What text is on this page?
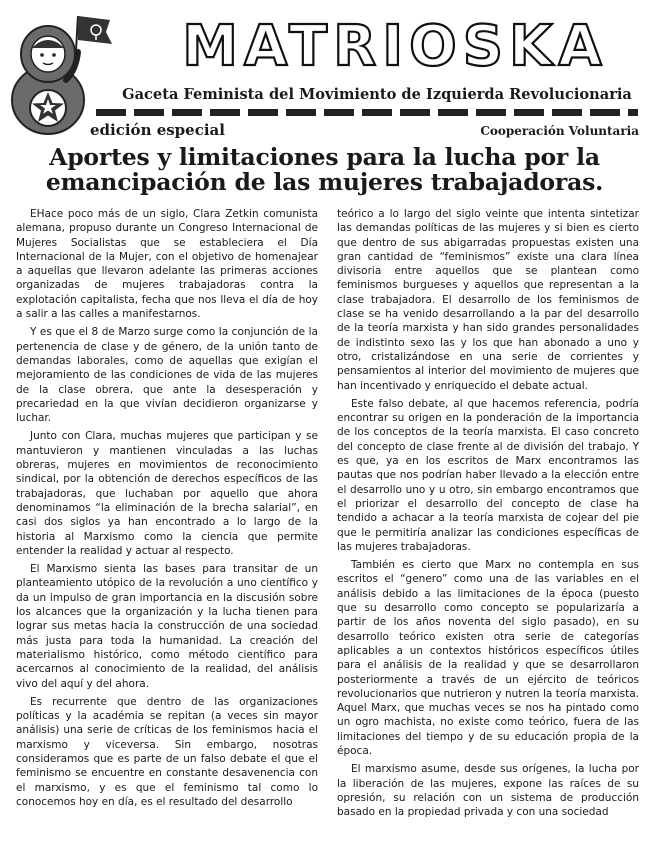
MATRIOSKA
Gaceta Feminista del Movimiento de Izquierda Revolucionaria
edición especial	Cooperación Voluntaria
Aportes y limitaciones para la lucha por la
emancipación de las mujeres trabajadoras.

EHace poco más de un siglo, Clara Zetkin comunista alemana, propuso durante un Congreso Internacional de Mujeres Socialistas que se estableciera el Día Internacional de la Mujer, con el objetivo de homenajear a aquellas que llevaron adelante las primeras acciones organizadas de mujeres trabajadoras contra la explotación capitalista, fecha que nos lleva el día de hoy a salir a las calles a manifestarnos.

Y es que el 8 de Marzo surge como la conjunción de la pertenencia de clase y de género, de la unión tanto de demandas laborales, como de aquellas que exigían el mejoramiento de las condiciones de vida de las mujeres de la clase obrera, que ante la desesperación y precariedad en la que vivían decidieron organizarse y luchar.

Junto con Clara, muchas mujeres que participan y se mantuvieron y mantienen vinculadas a las luchas obreras, mujeres en movimientos de reconocimiento sindical, por la obtención de derechos específicos de las trabajadoras, que luchaban por aquello que ahora denominamos “la eliminación de la brecha salarial”, en casi dos siglos ya han encontrado a lo largo de la historia al Marxismo como la ciencia que permite entender la realidad y actuar al respecto.

El Marxismo sienta las bases para transitar de un planteamiento utópico de la revolución a uno científico y da un impulso de gran importancia en la discusión sobre los alcances que la organización y la lucha tienen para lograr sus metas hacia la construcción de una sociedad más justa para toda la humanidad. La creación del materialismo histórico, como método científico para acercarnos al conocimiento de la realidad, del análisis vivo del aquí y del ahora.

Es recurrente que dentro de las organizaciones políticas y la académia se repitan (a veces sin mayor análisis) una serie de críticas de los feminismos hacia el marxismo y viceversa. Sin embargo, nosotras consideramos que es parte de un falso debate el que el feminismo se encuentre en constante desavenencia con el marxismo, y es que el feminismo tal como lo conocemos hoy en día, es el resultado del desarrollo

teórico a lo largo del siglo veinte que intenta sintetizar las demandas políticas de las mujeres y si bien es cierto que dentro de sus abigarradas propuestas existen una gran cantidad de “feminismos” existe una clara línea divisoria entre aquellos que se plantean como feminismos burgueses y aquellos que representan a la clase trabajadora. El desarrollo de los feminismos de clase se ha venido desarrollando a la par del desarrollo de la teoría marxista y han sido grandes personalidades de indistinto sexo las y los que han abonado a uno y otro, cristalizándose en una serie de corrientes y pensamientos al interior del movimiento de mujeres que han incentivado y enriquecido el debate actual.

Este falso debate, al que hacemos referencia, podría encontrar su origen en la ponderación de la importancia de los conceptos de la teoría marxista. El caso concreto del concepto de clase frente al de división del trabajo. Y es que, ya en los escritos de Marx encontramos las pautas que nos podrían haber llevado a la elección entre el desarrollo uno y u otro, sin embargo encontramos que el priorizar el desarrollo del concepto de clase ha tendido a achacar a la teoría marxista de cojear del pie que le permitiría analizar las condiciones específicas de las mujeres trabajadoras.

También es cierto que Marx no contempla en sus escritos el “genero” como una de las variables en el análisis debido a las limitaciones de la época (puesto que su desarrollo como concepto se popularizaría a partir de los años noventa del siglo pasado), en su desarrollo teórico existen otra serie de categorías aplicables a un contextos históricos específicos útiles para el análisis de la realidad y que se desarrollaron posteriormente a través de un ejército de teóricos revolucionarios que nutrieron y nutren la teoría marxista. Aquel Marx, que muchas veces se nos ha pintado como un ogro machista, no existe como teórico, fuera de las limitaciones del tiempo y de su educación propia de la época.

El marxismo asume, desde sus orígenes, la lucha por la liberación de las mujeres, expone las raíces de su opresión, su relación con un sistema de producción basado en la propiedad privada y con una sociedad
